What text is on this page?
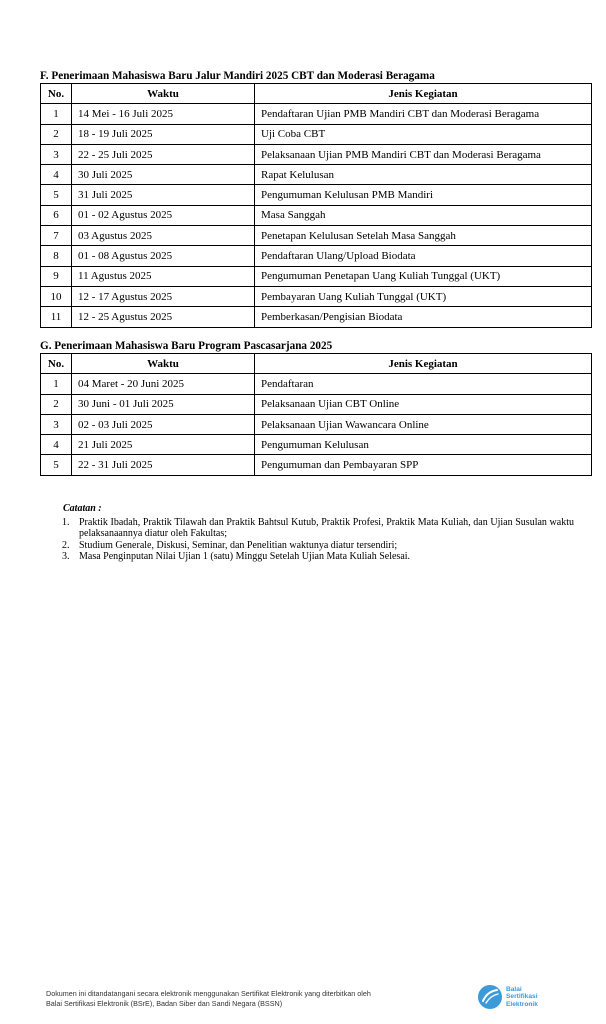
F. Penerimaan Mahasiswa Baru Jalur Mandiri 2025 CBT dan Moderasi Beragama
No.	Waktu	Jenis Kegiatan
1	14 Mei - 16 Juli 2025	Pendaftaran Ujian PMB Mandiri CBT dan Moderasi Beragama
2	18 - 19 Juli 2025	Uji Coba CBT
3	22 - 25 Juli 2025	Pelaksanaan Ujian PMB Mandiri CBT dan Moderasi Beragama
4	30 Juli 2025	Rapat Kelulusan
5	31 Juli 2025	Pengumuman Kelulusan PMB Mandiri
6	01 - 02 Agustus 2025	Masa Sanggah
7	03 Agustus 2025	Penetapan Kelulusan Setelah Masa Sanggah
8	01 - 08 Agustus 2025	Pendaftaran Ulang/Upload Biodata
9	11 Agustus 2025	Pengumuman Penetapan Uang Kuliah Tunggal (UKT)
10	12 - 17 Agustus 2025	Pembayaran Uang Kuliah Tunggal (UKT)
11	12 - 25 Agustus 2025	Pemberkasan/Pengisian Biodata
G. Penerimaan Mahasiswa Baru Program Pascasarjana 2025
No.	Waktu	Jenis Kegiatan
1	04 Maret - 20 Juni 2025	Pendaftaran
2	30 Juni - 01 Juli 2025	Pelaksanaan Ujian CBT Online
3	02 - 03 Juli 2025	Pelaksanaan Ujian Wawancara Online
4	21 Juli 2025	Pengumuman Kelulusan
5	22 - 31 Juli 2025	Pengumuman dan Pembayaran SPP
Catatan :
1. Praktik Ibadah, Praktik Tilawah dan Praktik Bahtsul Kutub, Praktik Profesi, Praktik Mata Kuliah, dan Ujian Susulan waktu pelaksanaannya diatur oleh Fakultas;
2. Studium Generale, Diskusi, Seminar, dan Penelitian waktunya diatur tersendiri;
3. Masa Penginputan Nilai Ujian 1 (satu) Minggu Setelah Ujian Mata Kuliah Selesai.
Dokumen ini ditandatangani secara elektronik menggunakan Sertifikat Elektronik yang diterbitkan oleh
Balai Sertifikasi Elektronik (BSrE), Badan Siber dan Sandi Negara (BSSN)
Balai
Sertifikasi
Elektronik
